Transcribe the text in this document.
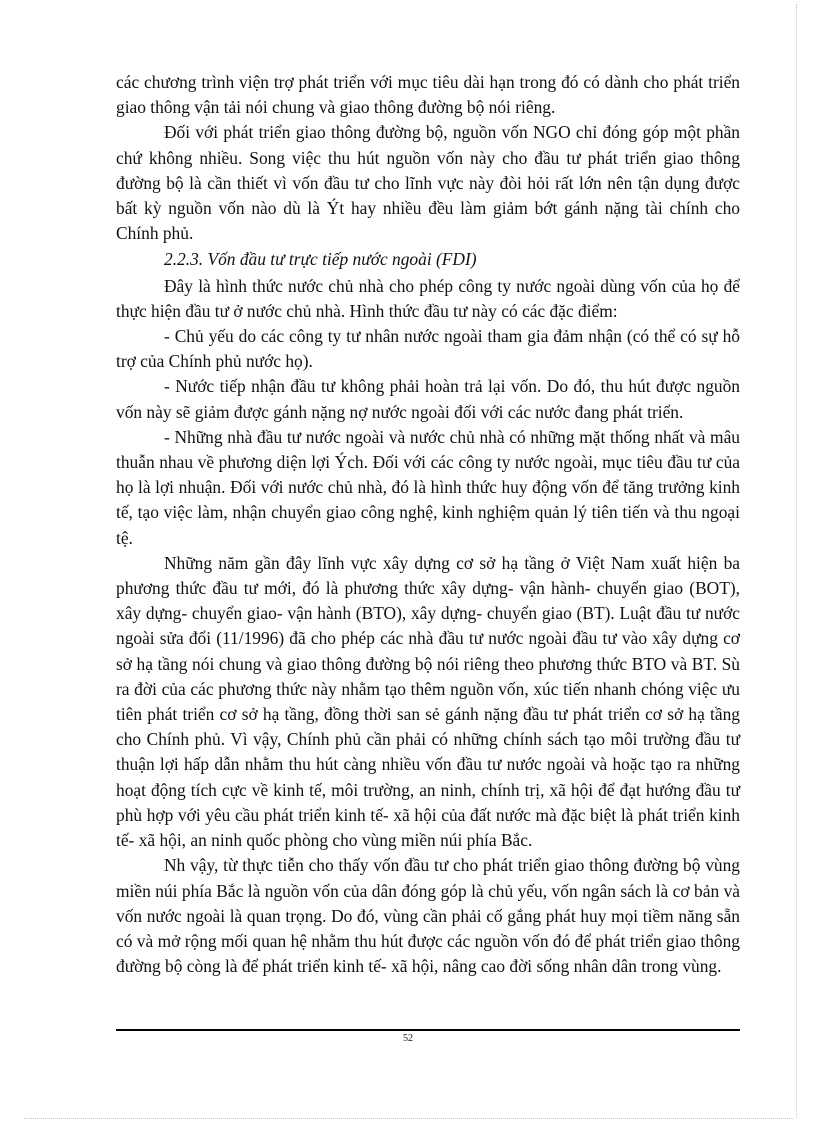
các chương trình viện trợ phát triển với mục tiêu dài hạn trong đó có dành cho phát triển giao thông vận tải nói chung và giao thông đường bộ nói riêng.

Đối với phát triển giao thông đường bộ, nguồn vốn NGO chỉ đóng góp một phần chứ không nhiều. Song việc thu hút nguồn vốn này cho đầu tư phát triển giao thông đường bộ là cần thiết vì vốn đầu tư cho lĩnh vực này đòi hỏi rất lớn nên tận dụng được bất kỳ nguồn vốn nào dù là Ýt hay nhiều đều làm giảm bớt gánh nặng tài chính cho Chính phủ.

2.2.3. Vốn đầu tư trực tiếp nước ngoài (FDI)

Đây là hình thức nước chủ nhà cho phép công ty nước ngoài dùng vốn của họ để thực hiện đầu tư ở nước chủ nhà. Hình thức đầu tư này có các đặc điểm:

- Chủ yếu do các công ty tư nhân nước ngoài tham gia đảm nhận (có thể có sự hỗ trợ của Chính phủ nước họ).

- Nước tiếp nhận đầu tư không phải hoàn trả lại vốn. Do đó, thu hút được nguồn vốn này sẽ giảm được gánh nặng nợ nước ngoài đối với các nước đang phát triển.

- Những nhà đầu tư nước ngoài và nước chủ nhà có những mặt thống nhất và mâu thuẫn nhau về phương diện lợi Ých. Đối với các công ty nước ngoài, mục tiêu đầu tư của họ là lợi nhuận. Đối với nước chủ nhà, đó là hình thức huy động vốn để tăng trưởng kinh tế, tạo việc làm, nhận chuyển giao công nghệ, kinh nghiệm quản lý tiên tiến và thu ngoại tệ.

Những năm gần đây lĩnh vực xây dựng cơ sở hạ tầng ở Việt Nam xuất hiện ba phương thức đầu tư mới, đó là phương thức xây dựng- vận hành- chuyển giao (BOT), xây dựng- chuyển giao- vận hành (BTO), xây dựng- chuyển giao (BT). Luật đầu tư nước ngoài sửa đổi (11/1996) đã cho phép các nhà đầu tư nước ngoài đầu tư vào xây dựng cơ sở hạ tầng nói chung và giao thông đường bộ nói riêng theo phương thức BTO và BT. Sù ra đời của các phương thức này nhằm tạo thêm nguồn vốn, xúc tiến nhanh chóng việc ưu tiên phát triển cơ sở hạ tầng, đồng thời san sẻ gánh nặng đầu tư phát triển cơ sở hạ tầng cho Chính phủ. Vì vậy, Chính phủ cần phải có những chính sách tạo môi trường đầu tư thuận lợi hấp dẫn nhằm thu hút càng nhiều vốn đầu tư nước ngoài và hoặc tạo ra những hoạt động tích cực về kinh tế, môi trường, an ninh, chính trị, xã hội để đạt hướng đầu tư phù hợp với yêu cầu phát triển kinh tế- xã hội của đất nước mà đặc biệt là phát triển kinh tế- xã hội, an ninh quốc phòng cho vùng miền núi phía Bắc.

Nh vậy, từ thực tiễn cho thấy vốn đầu tư cho phát triển giao thông đường bộ vùng miền núi phía Bắc là nguồn vốn của dân đóng góp là chủ yếu, vốn ngân sách là cơ bản và vốn nước ngoài là quan trọng. Do đó, vùng cần phải cố gắng phát huy mọi tiềm năng sẵn có và mở rộng mối quan hệ nhằm thu hút được các nguồn vốn đó để phát triển giao thông đường bộ còng là để phát triển kinh tế- xã hội, nâng cao đời sống nhân dân trong vùng.

52
